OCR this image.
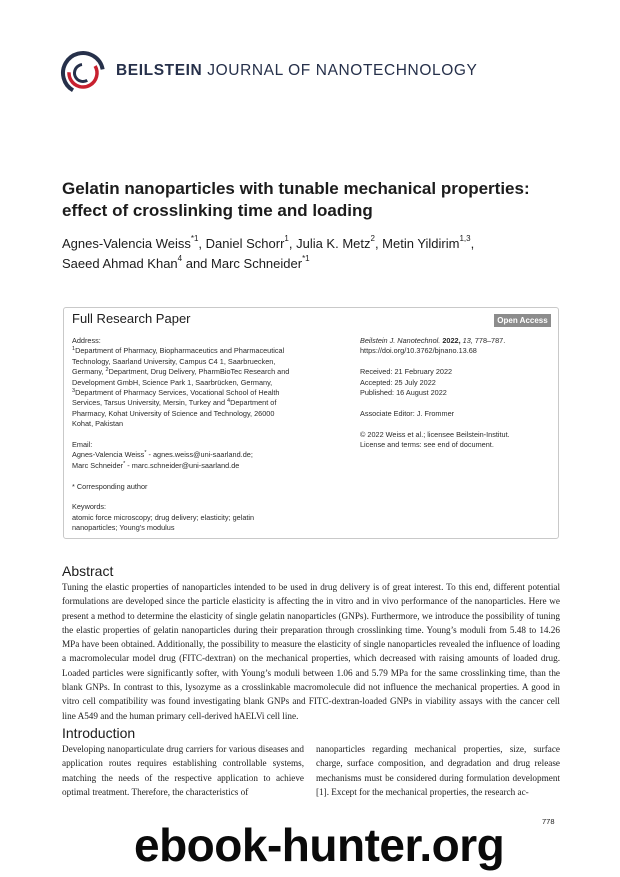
BEILSTEIN JOURNAL OF NANOTECHNOLOGY
Gelatin nanoparticles with tunable mechanical properties: effect of crosslinking time and loading
Agnes-Valencia Weiss$^{*1}$, Daniel Schorr$^1$, Julia K. Metz$^2$, Metin Yildirim$^{1,3}$,
Saeed Ahmad Khan$^4$ and Marc Schneider$^{*1}$
Full Research Paper	Open Access
Address:
$^1$Department of Pharmacy, Biopharmaceutics and Pharmaceutical Technology, Saarland University, Campus C4 1, Saarbruecken, Germany, $^2$Department, Drug Delivery, PharmBioTec Research and Development GmbH, Science Park 1, Saarbrücken, Germany, $^3$Department of Pharmacy Services, Vocational School of Health Services, Tarsus University, Mersin, Turkey and $^4$Department of Pharmacy, Kohat University of Science and Technology, 26000 Kohat, Pakistan
Email:
Agnes-Valencia Weiss* - agnes.weiss@uni-saarland.de;
Marc Schneider* - marc.schneider@uni-saarland.de
* Corresponding author
Keywords:
atomic force microscopy; drug delivery; elasticity; gelatin nanoparticles; Young’s modulus
Beilstein J. Nanotechnol. 2022, 13, 778–787.
https://doi.org/10.3762/bjnano.13.68
Received: 21 February 2022
Accepted: 25 July 2022
Published: 16 August 2022
Associate Editor: J. Frommer
© 2022 Weiss et al.; licensee Beilstein-Institut.
License and terms: see end of document.
Abstract
Tuning the elastic properties of nanoparticles intended to be used in drug delivery is of great interest. To this end, different potential formulations are developed since the particle elasticity is affecting the in vitro and in vivo performance of the nanoparticles. Here we present a method to determine the elasticity of single gelatin nanoparticles (GNPs). Furthermore, we introduce the possibility of tuning the elastic properties of gelatin nanoparticles during their preparation through crosslinking time. Young’s moduli from 5.48 to 14.26 MPa have been obtained. Additionally, the possibility to measure the elasticity of single nanoparticles revealed the influence of loading a macromolecular model drug (FITC-dextran) on the mechanical properties, which decreased with raising amounts of loaded drug. Loaded particles were significantly softer, with Young’s moduli between 1.06 and 5.79 MPa for the same crosslinking time, than the blank GNPs. In contrast to this, lysozyme as a crosslinkable macromolecule did not influence the mechanical properties. A good in vitro cell compatibility was found investigating blank GNPs and FITC-dextran-loaded GNPs in viability assays with the cancer cell line A549 and the human primary cell-derived hAELVi cell line.
Introduction
Developing nanoparticulate drug carriers for various diseases and application routes requires establishing controllable systems, matching the needs of the respective application to achieve optimal treatment. Therefore, the characteristics of
nanoparticles regarding mechanical properties, size, surface charge, surface composition, and degradation and drug release mechanisms must be considered during formulation development [1]. Except for the mechanical properties, the research ac-
778
ebook-hunter.org
